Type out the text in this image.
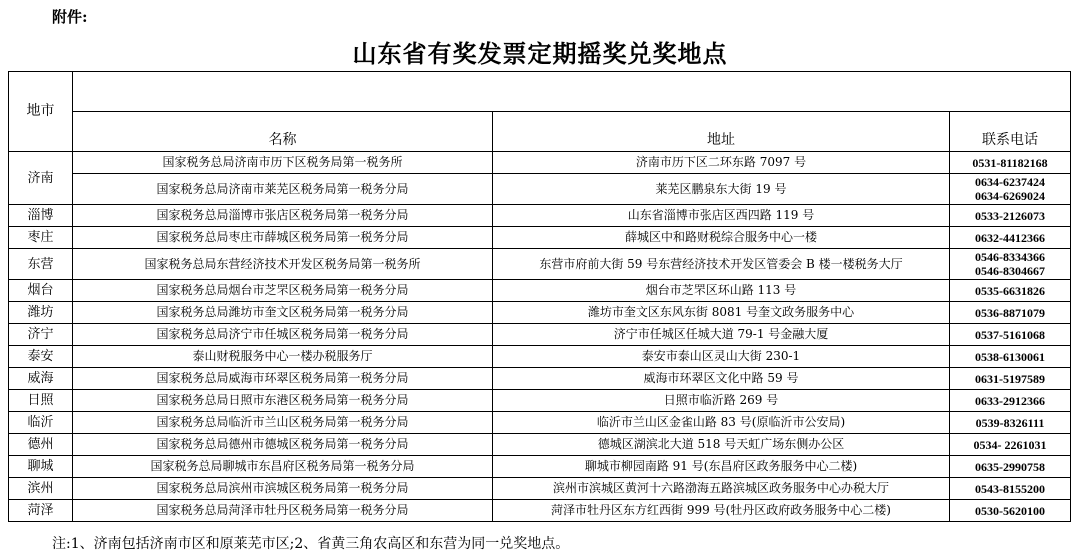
附件:
山东省有奖发票定期摇奖兑奖地点
地市			
	名称	地址	联系电话
济南	国家税务总局济南市历下区税务局第一税务所	济南市历下区二环东路 7097 号	0531-81182168

	国家税务总局济南市莱芜区税务局第一税务分局	莱芜区鹏泉东大街 19 号	0634-6237424
0634-6269024

淄博	国家税务总局淄博市张店区税务局第一税务分局	山东省淄博市张店区西四路 119 号	0533-2126073

枣庄	国家税务总局枣庄市薛城区税务局第一税务分局	薛城区中和路财税综合服务中心一楼	0632-4412366

东营	国家税务总局东营经济技术开发区税务局第一税务所	东营市府前大街 59 号东营经济技术开发区管委会 B 楼一楼税务大厅	0546-8334366
0546-8304667

烟台	国家税务总局烟台市芝罘区税务局第一税务分局	烟台市芝罘区环山路 113 号	0535-6631826

潍坊	国家税务总局潍坊市奎文区税务局第一税务分局	潍坊市奎文区东风东街 8081 号奎文政务服务中心	0536-8871079

济宁	国家税务总局济宁市任城区税务局第一税务分局	济宁市任城区任城大道 79-1 号金融大厦	0537-5161068

泰安	泰山财税服务中心一楼办税服务厅	泰安市泰山区灵山大街 230-1	0538-6130061

威海	国家税务总局威海市环翠区税务局第一税务分局	威海市环翠区文化中路 59 号	0631-5197589

日照	国家税务总局日照市东港区税务局第一税务分局	日照市临沂路 269 号	0633-2912366

临沂	国家税务总局临沂市兰山区税务局第一税务分局	临沂市兰山区金雀山路 83 号(原临沂市公安局)	0539-8326111

德州	国家税务总局德州市德城区税务局第一税务分局	德城区湖滨北大道 518 号天虹广场东侧办公区	0534- 2261031

聊城	国家税务总局聊城市东昌府区税务局第一税务分局	聊城市柳园南路 91 号(东昌府区政务服务中心二楼)	0635-2990758

滨州	国家税务总局滨州市滨城区税务局第一税务分局	滨州市滨城区黄河十六路渤海五路滨城区政务服务中心办税大厅	0543-8155200

菏泽	国家税务总局菏泽市牡丹区税务局第一税务分局	菏泽市牡丹区东方红西街 999 号(牡丹区政府政务服务中心二楼)	0530-5620100
注:1、济南包括济南市区和原莱芜市区;2、省黄三角农高区和东营为同一兑奖地点。
